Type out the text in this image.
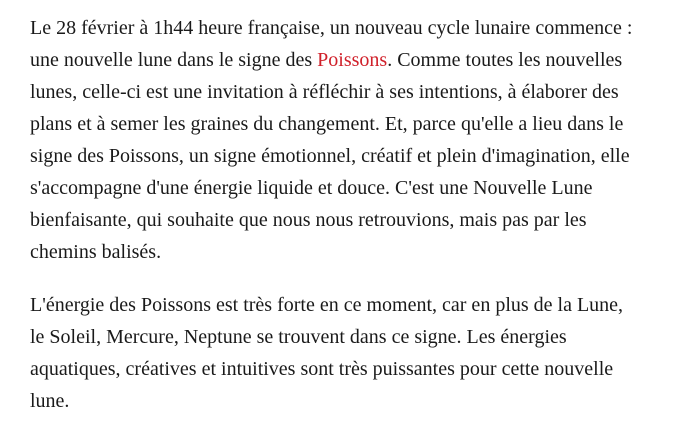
Le 28 février à 1h44 heure française, un nouveau cycle lunaire commence : une nouvelle lune dans le signe des Poissons. Comme toutes les nouvelles lunes, celle-ci est une invitation à réfléchir à ses intentions, à élaborer des plans et à semer les graines du changement. Et, parce qu'elle a lieu dans le signe des Poissons, un signe émotionnel, créatif et plein d'imagination, elle s'accompagne d'une énergie liquide et douce. C'est une Nouvelle Lune bienfaisante, qui souhaite que nous nous retrouvions, mais pas par les chemins balisés.

L'énergie des Poissons est très forte en ce moment, car en plus de la Lune, le Soleil, Mercure, Neptune se trouvent dans ce signe. Les énergies aquatiques, créatives et intuitives sont très puissantes pour cette nouvelle lune.
